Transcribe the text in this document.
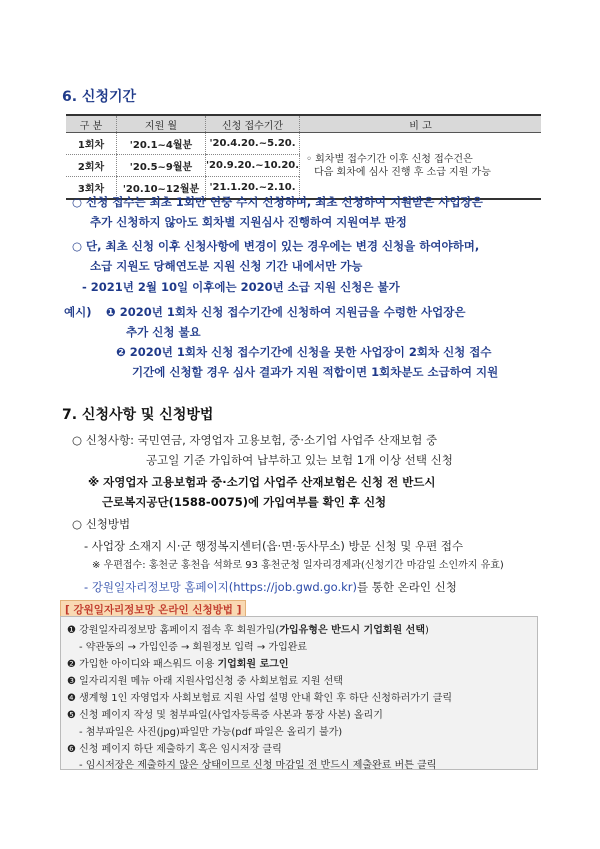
6. 신청기간
구 분	지원 월	신청 접수기간	비 고
1회차	'20.1~4월분	'20.4.20.~5.20.	◦ 회차별 접수기간 이후 신청 접수건은
다음 회차에 심사 진행 후 소급 지원 가능

2회차	'20.5~9월분	'20.9.20.~10.20.	
3회차	'20.10~12월분	'21.1.20.~2.10.	
○ 신청 접수는 최초 1회만 연중 수시 신청하며, 최초 신청하여 지원받은 사업장은
추가 신청하지 않아도 회차별 지원심사 진행하여 지원여부 판정
○ 단, 최초 신청 이후 신청사항에 변경이 있는 경우에는 변경 신청을 하여야하며,
소급 지원도 당해연도분 지원 신청 기간 내에서만 가능
- 2021년 2월 10일 이후에는 2020년 소급 지원 신청은 불가
예시) ❶ 2020년 1회차 신청 접수기간에 신청하여 지원금을 수령한 사업장은
추가 신청 불요
❷ 2020년 1회차 신청 접수기간에 신청을 못한 사업장이 2회차 신청 접수
기간에 신청할 경우 심사 결과가 지원 적합이면 1회차분도 소급하여 지원
7. 신청사항 및 신청방법
○ 신청사항: 국민연금, 자영업자 고용보험, 중·소기업 사업주 산재보험 중
공고일 기준 가입하여 납부하고 있는 보험 1개 이상 선택 신청
※ 자영업자 고용보험과 중·소기업 사업주 산재보험은 신청 전 반드시
근로복지공단(1588-0075)에 가입여부를 확인 후 신청
○ 신청방법
- 사업장 소재지 시·군 행정복지센터(읍·면·동사무소) 방문 신청 및 우편 접수
※ 우편접수: 홍천군 홍천읍 석화로 93 홍천군청 일자리경제과(신청기간 마감일 소인까지 유효)
- 강원일자리정보망 홈페이지(https://job.gwd.go.kr)를 통한 온라인 신청
[ 강원일자리정보망 온라인 신청방법 ]
❶ 강원일자리정보망 홈페이지 접속 후 회원가입(가입유형은 반드시 기업회원 선택)
- 약관동의 → 가입인증 → 회원정보 입력 → 가입완료
❷ 가입한 아이디와 패스워드 이용 기업회원 로그인
❸ 일자리지원 메뉴 아래 지원사업신청 중 사회보험료 지원 선택
❹ 생계형 1인 자영업자 사회보험료 지원 사업 설명 안내 확인 후 하단 신청하러가기 클릭
❺ 신청 페이지 작성 및 첨부파일(사업자등록증 사본과 통장 사본) 올리기
- 첨부파일은 사진(jpg)파일만 가능(pdf 파일은 올리기 불가)
❻ 신청 페이지 하단 제출하기 혹은 임시저장 클릭
- 임시저장은 제출하지 않은 상태이므로 신청 마감일 전 반드시 제출완료 버튼 클릭
